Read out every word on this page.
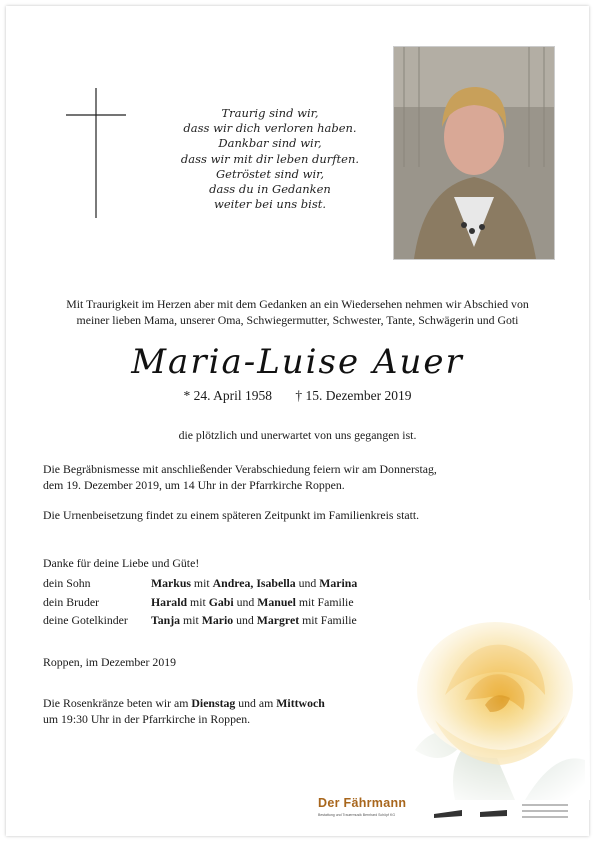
Traurig sind wir,
dass wir dich verloren haben.
Dankbar sind wir,
dass wir mit dir leben durften.
Getröstet sind wir,
dass du in Gedanken
weiter bei uns bist.
Mit Traurigkeit im Herzen aber mit dem Gedanken an ein Wiedersehen nehmen wir Abschied von
meiner lieben Mama, unserer Oma, Schwiegermutter, Schwester, Tante, Schwägerin und Goti
Maria-Luise Auer
* 24. April 1958 † 15. Dezember 2019
die plötzlich und unerwartet von uns gegangen ist.
Die Begräbnismesse mit anschließender Verabschiedung feiern wir am Donnerstag,
dem 19. Dezember 2019, um 14 Uhr in der Pfarrkirche Roppen.
Die Urnenbeisetzung findet zu einem späteren Zeitpunkt im Familienkreis statt.
Danke für deine Liebe und Güte!
dein Sohn	Markus mit Andrea, Isabella und Marina
dein Bruder	Harald mit Gabi und Manuel mit Familie
deine Gotelkinder	Tanja mit Mario und Margret mit Familie
Roppen, im Dezember 2019
Die Rosenkränze beten wir am Dienstag und am Mittwoch
um 19:30 Uhr in der Pfarrkirche in Roppen.
Der Fährmann
Bestattung und Trauermusik Bernhard Schöpf KG
